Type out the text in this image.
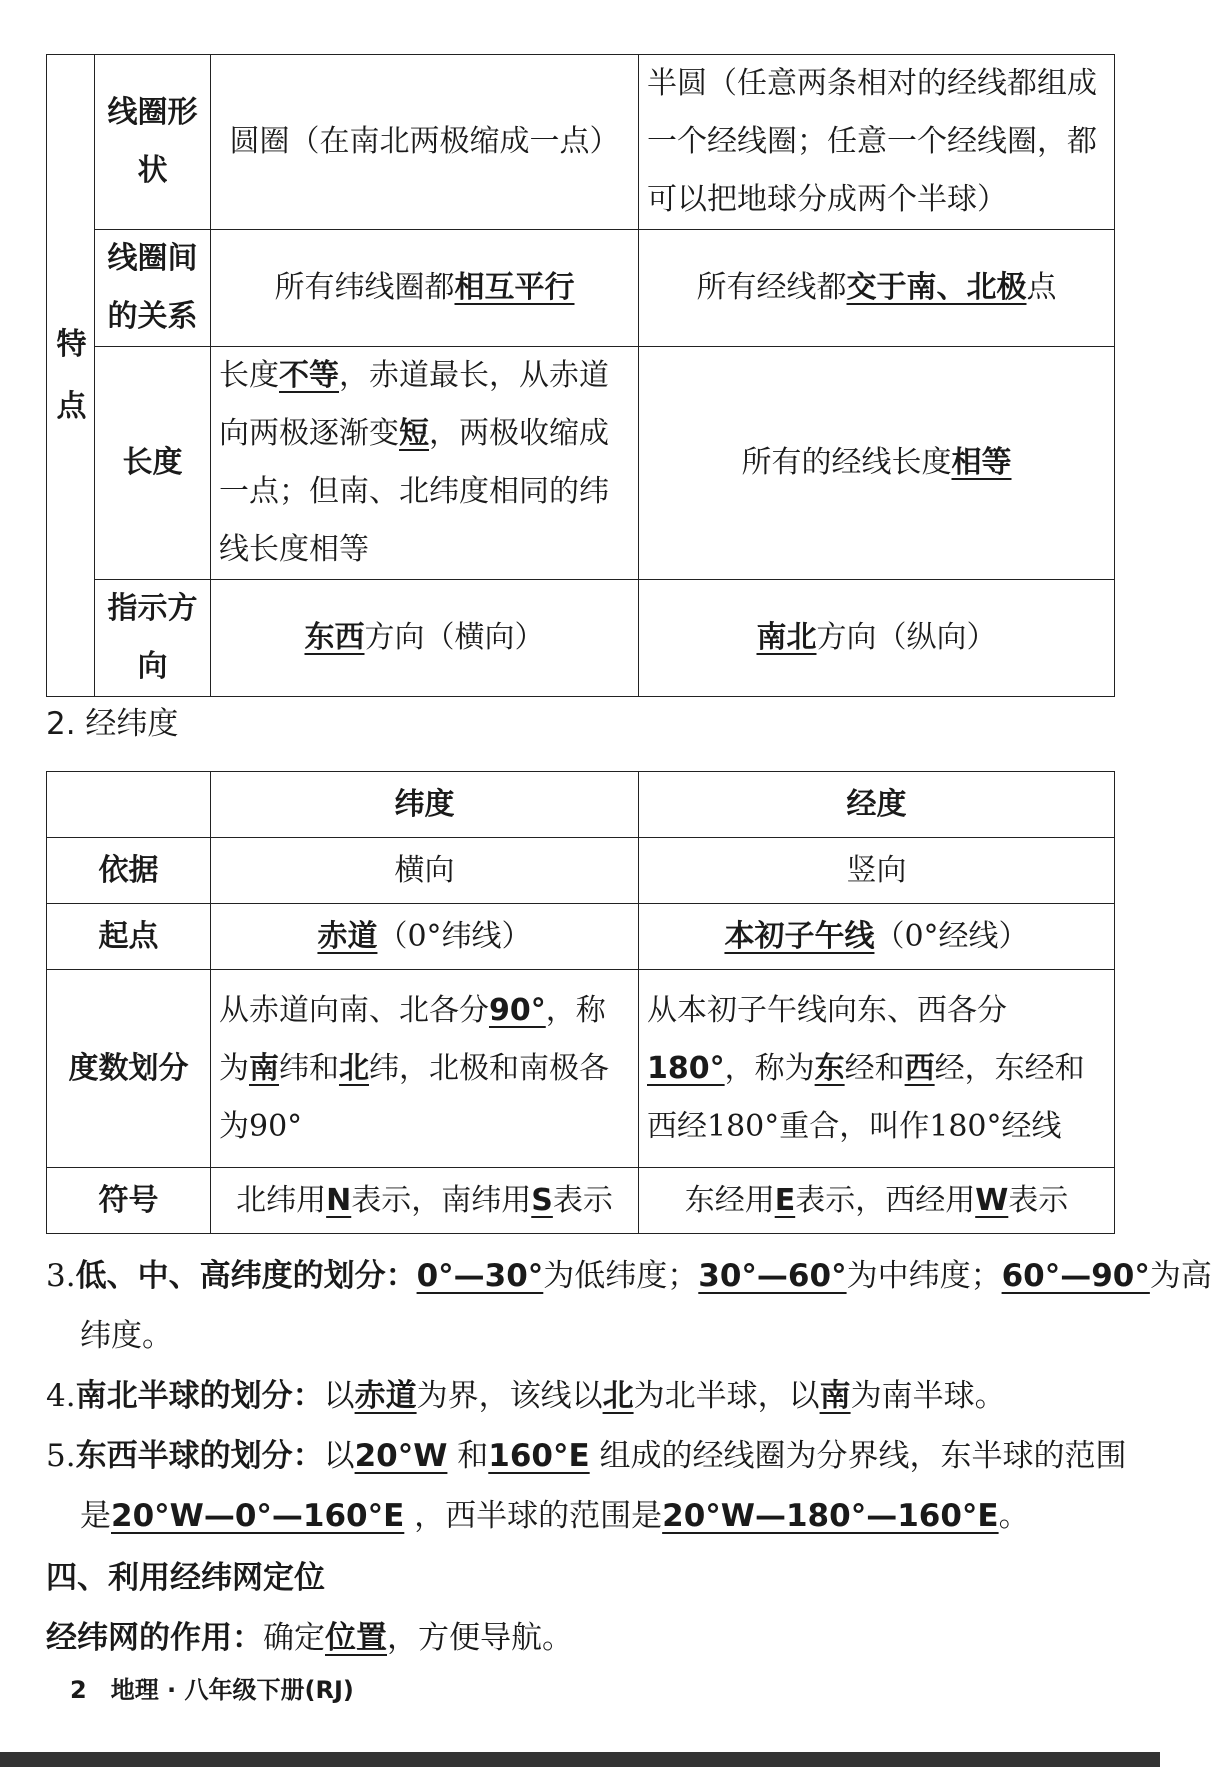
特点	线圈形状	圆圈（在南北两极缩成一点）	半圆（任意两条相对的经线都组成一个经线圈；任意一个经线圈，都可以把地球分成两个半球）
	线圈间的关系	所有纬线圈都相互平行	所有经线都交于南、北极点
	长度	长度不等，赤道最长，从赤道向两极逐渐变短，两极收缩成一点；但南、北纬度相同的纬线长度相等	所有的经线长度相等
	指示方向	东西方向（横向）	南北方向（纵向）
2. 经纬度
	纬度	经度
依据	横向	竖向
起点	赤道（0°纬线）	本初子午线（0°经线）
度数划分	从赤道向南、北各分90°，称为南纬和北纬，北极和南极各为90°	从本初子午线向东、西各分180°，称为东经和西经，东经和西经180°重合，叫作180°经线
符号	北纬用N表示，南纬用S表示	东经用E表示，西经用W表示
3.低、中、高纬度的划分：0°—30°为低纬度；30°—60°为中纬度；60°—90°为高
纬度。
4.南北半球的划分：以赤道为界，该线以北为北半球，以南为南半球。
5.东西半球的划分：以20°W 和160°E 组成的经线圈为分界线，东半球的范围
是20°W—0°—160°E ，西半球的范围是20°W—180°—160°E。
四、利用经纬网定位
经纬网的作用：确定位置，方便导航。
2　地理 · 八年级下册(RJ)
